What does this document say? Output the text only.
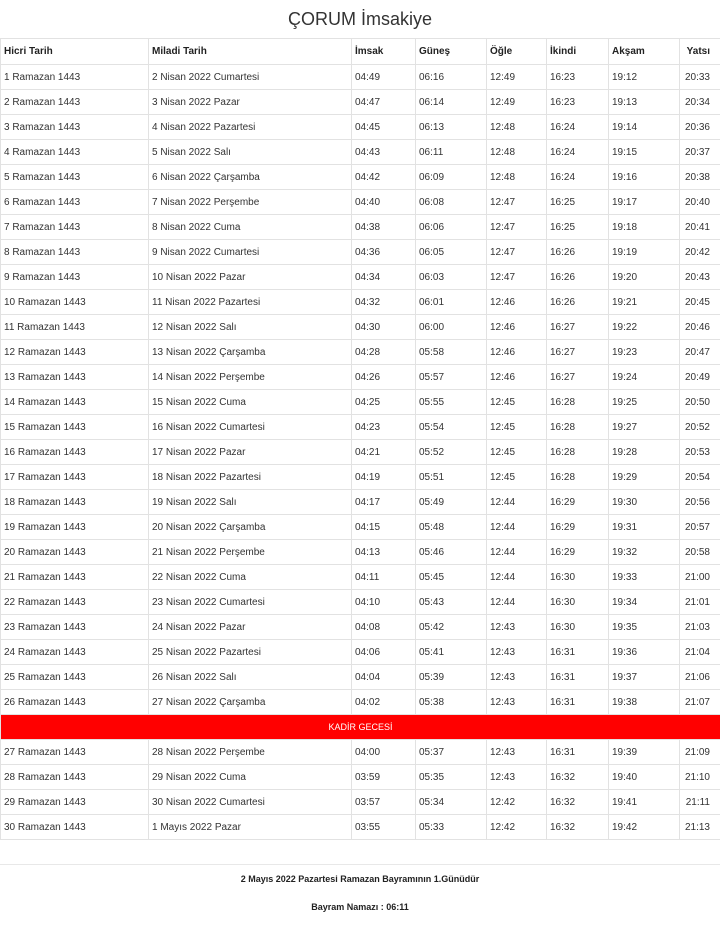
ÇORUM İmsakiye
Hicri Tarih	Miladi Tarih	İmsak	Güneş	Öğle	İkindi	Akşam	Yatsı
1 Ramazan 1443	2 Nisan 2022 Cumartesi	04:49	06:16	12:49	16:23	19:12	20:33
2 Ramazan 1443	3 Nisan 2022 Pazar	04:47	06:14	12:49	16:23	19:13	20:34
3 Ramazan 1443	4 Nisan 2022 Pazartesi	04:45	06:13	12:48	16:24	19:14	20:36
4 Ramazan 1443	5 Nisan 2022 Salı	04:43	06:11	12:48	16:24	19:15	20:37
5 Ramazan 1443	6 Nisan 2022 Çarşamba	04:42	06:09	12:48	16:24	19:16	20:38
6 Ramazan 1443	7 Nisan 2022 Perşembe	04:40	06:08	12:47	16:25	19:17	20:40
7 Ramazan 1443	8 Nisan 2022 Cuma	04:38	06:06	12:47	16:25	19:18	20:41
8 Ramazan 1443	9 Nisan 2022 Cumartesi	04:36	06:05	12:47	16:26	19:19	20:42
9 Ramazan 1443	10 Nisan 2022 Pazar	04:34	06:03	12:47	16:26	19:20	20:43
10 Ramazan 1443	11 Nisan 2022 Pazartesi	04:32	06:01	12:46	16:26	19:21	20:45
11 Ramazan 1443	12 Nisan 2022 Salı	04:30	06:00	12:46	16:27	19:22	20:46
12 Ramazan 1443	13 Nisan 2022 Çarşamba	04:28	05:58	12:46	16:27	19:23	20:47
13 Ramazan 1443	14 Nisan 2022 Perşembe	04:26	05:57	12:46	16:27	19:24	20:49
14 Ramazan 1443	15 Nisan 2022 Cuma	04:25	05:55	12:45	16:28	19:25	20:50
15 Ramazan 1443	16 Nisan 2022 Cumartesi	04:23	05:54	12:45	16:28	19:27	20:52
16 Ramazan 1443	17 Nisan 2022 Pazar	04:21	05:52	12:45	16:28	19:28	20:53
17 Ramazan 1443	18 Nisan 2022 Pazartesi	04:19	05:51	12:45	16:28	19:29	20:54
18 Ramazan 1443	19 Nisan 2022 Salı	04:17	05:49	12:44	16:29	19:30	20:56
19 Ramazan 1443	20 Nisan 2022 Çarşamba	04:15	05:48	12:44	16:29	19:31	20:57
20 Ramazan 1443	21 Nisan 2022 Perşembe	04:13	05:46	12:44	16:29	19:32	20:58
21 Ramazan 1443	22 Nisan 2022 Cuma	04:11	05:45	12:44	16:30	19:33	21:00
22 Ramazan 1443	23 Nisan 2022 Cumartesi	04:10	05:43	12:44	16:30	19:34	21:01
23 Ramazan 1443	24 Nisan 2022 Pazar	04:08	05:42	12:43	16:30	19:35	21:03
24 Ramazan 1443	25 Nisan 2022 Pazartesi	04:06	05:41	12:43	16:31	19:36	21:04
25 Ramazan 1443	26 Nisan 2022 Salı	04:04	05:39	12:43	16:31	19:37	21:06
26 Ramazan 1443	27 Nisan 2022 Çarşamba	04:02	05:38	12:43	16:31	19:38	21:07
KADİR GECESİ							
27 Ramazan 1443	28 Nisan 2022 Perşembe	04:00	05:37	12:43	16:31	19:39	21:09
28 Ramazan 1443	29 Nisan 2022 Cuma	03:59	05:35	12:43	16:32	19:40	21:10
29 Ramazan 1443	30 Nisan 2022 Cumartesi	03:57	05:34	12:42	16:32	19:41	21:11
30 Ramazan 1443	1 Mayıs 2022 Pazar	03:55	05:33	12:42	16:32	19:42	21:13
2 Mayıs 2022 Pazartesi Ramazan Bayramının 1.Günüdür
Bayram Namazı : 06:11
